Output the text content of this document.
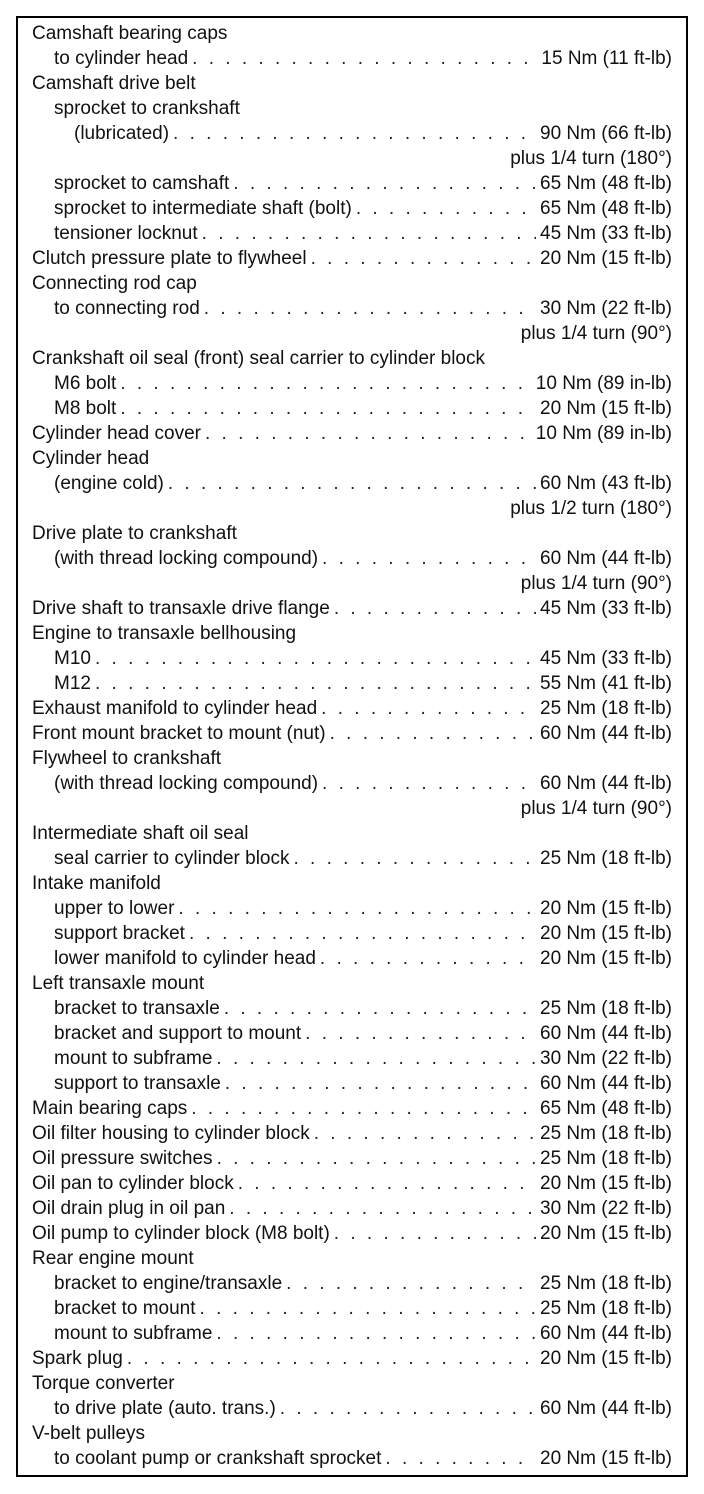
Camshaft bearing caps
to cylinder head . . .	15 Nm (11 ft-lb)
Camshaft drive belt
sprocket to crankshaft
(lubricated) . . .	90 Nm (66 ft-lb)
plus 1/4 turn (180°)
sprocket to camshaft . . .	65 Nm (48 ft-lb)
sprocket to intermediate shaft (bolt) . . .	65 Nm (48 ft-lb)
tensioner locknut . . .	45 Nm (33 ft-lb)
Clutch pressure plate to flywheel . . .	20 Nm (15 ft-lb)
Connecting rod cap
to connecting rod . . .	30 Nm (22 ft-lb)
plus 1/4 turn (90°)
Crankshaft oil seal (front) seal carrier to cylinder block
M6 bolt . . .	10 Nm (89 in-lb)
M8 bolt . . .	20 Nm (15 ft-lb)
Cylinder head cover . . .	10 Nm (89 in-lb)
Cylinder head
(engine cold) . . .	60 Nm (43 ft-lb)
plus 1/2 turn (180°)
Drive plate to crankshaft
(with thread locking compound) . . .	60 Nm (44 ft-lb)
plus 1/4 turn (90°)
Drive shaft to transaxle drive flange . . .	45 Nm (33 ft-lb)
Engine to transaxle bellhousing
M10 . . .	45 Nm (33 ft-lb)
M12 . . .	55 Nm (41 ft-lb)
Exhaust manifold to cylinder head . . .	25 Nm (18 ft-lb)
Front mount bracket to mount (nut) . . .	60 Nm (44 ft-lb)
Flywheel to crankshaft
(with thread locking compound) . . .	60 Nm (44 ft-lb)
plus 1/4 turn (90°)
Intermediate shaft oil seal
seal carrier to cylinder block . . .	25 Nm (18 ft-lb)
Intake manifold
upper to lower . . .	20 Nm (15 ft-lb)
support bracket . . .	20 Nm (15 ft-lb)
lower manifold to cylinder head . . .	20 Nm (15 ft-lb)
Left transaxle mount
bracket to transaxle . . .	25 Nm (18 ft-lb)
bracket and support to mount . . .	60 Nm (44 ft-lb)
mount to subframe . . .	30 Nm (22 ft-lb)
support to transaxle . . .	60 Nm (44 ft-lb)
Main bearing caps . . .	65 Nm (48 ft-lb)
Oil filter housing to cylinder block . . .	25 Nm (18 ft-lb)
Oil pressure switches . . .	25 Nm (18 ft-lb)
Oil pan to cylinder block . . .	20 Nm (15 ft-lb)
Oil drain plug in oil pan . . .	30 Nm (22 ft-lb)
Oil pump to cylinder block (M8 bolt) . . .	20 Nm (15 ft-lb)
Rear engine mount
bracket to engine/transaxle . . .	25 Nm (18 ft-lb)
bracket to mount . . .	25 Nm (18 ft-lb)
mount to subframe . . .	60 Nm (44 ft-lb)
Spark plug . . .	20 Nm (15 ft-lb)
Torque converter
to drive plate (auto. trans.) . . .	60 Nm (44 ft-lb)
V-belt pulleys
to coolant pump or crankshaft sprocket . . .	20 Nm (15 ft-lb)
